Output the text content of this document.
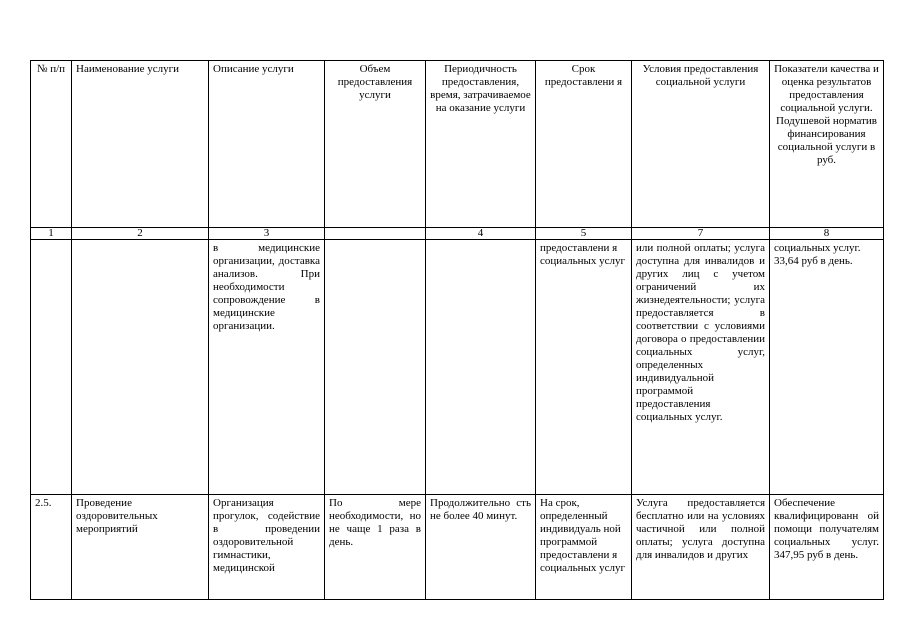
№ п/п	Наименование услуги	Описание услуги	Объем предоставления услуги	Периодичность предоставления, время, затрачиваемое на оказание услуги	Срок предоставлени я	Условия предоставления социальной услуги	Показатели качества и оценка результатов предоставления социальной услуги. Подушевой норматив финансирования социальной услуги в руб.
1	2	3		4	5	7	8
		в медицинские организации, доставка анализов. При необходимости сопровождение в медицинские организации.			предоставлени я социальных услуг	или полной оплаты; услуга доступна для инвалидов и других лиц с учетом ограничений их жизнедеятельности; услуга предоставляется в соответствии с условиями договора о предоставлении социальных услуг, определенных индивидуальной программой предоставления социальных услуг.	социальных услуг. 33,64 руб в день.
2.5.	Проведение оздоровительных мероприятий	Организация прогулок, содействие в проведении оздоровительной гимнастики, медицинской	По мере необходимости, но не чаще 1 раза в день.	Продолжительно сть не более 40 минут.	На срок, определенный индивидуаль ной программой предоставлени я социальных услуг	Услуга предоставляется бесплатно или на условиях частичной или полной оплаты; услуга доступна для инвалидов и других	Обеспечение квалифицированн ой помощи получателям социальных услуг. 347,95 руб в день.
